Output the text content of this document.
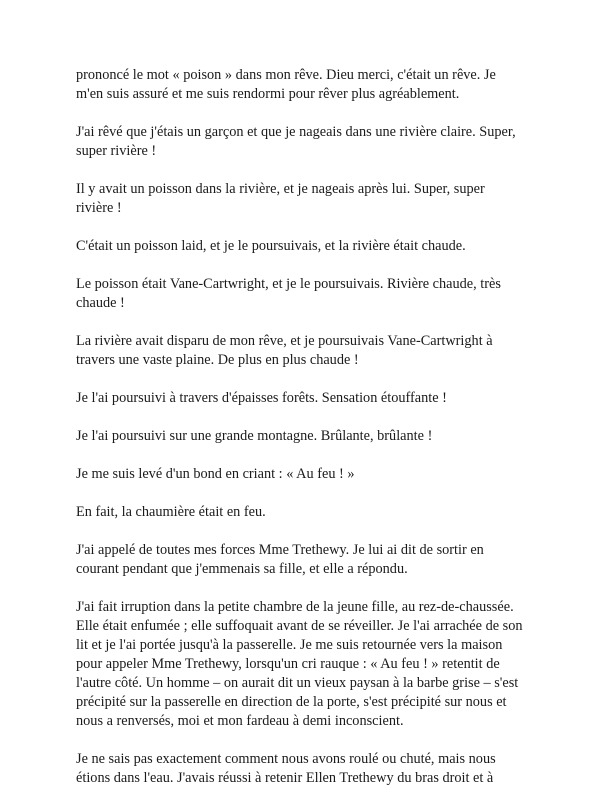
prononcé le mot « poison » dans mon rêve. Dieu merci, c'était un rêve. Je m'en suis assuré et me suis rendormi pour rêver plus agréablement.

J'ai rêvé que j'étais un garçon et que je nageais dans une rivière claire. Super, super rivière !

Il y avait un poisson dans la rivière, et je nageais après lui. Super, super rivière !

C'était un poisson laid, et je le poursuivais, et la rivière était chaude.

Le poisson était Vane-Cartwright, et je le poursuivais. Rivière chaude, très chaude !

La rivière avait disparu de mon rêve, et je poursuivais Vane-Cartwright à travers une vaste plaine. De plus en plus chaude !

Je l'ai poursuivi à travers d'épaisses forêts. Sensation étouffante !

Je l'ai poursuivi sur une grande montagne. Brûlante, brûlante !

Je me suis levé d'un bond en criant : « Au feu ! »

En fait, la chaumière était en feu.

J'ai appelé de toutes mes forces Mme Trethewy. Je lui ai dit de sortir en courant pendant que j'emmenais sa fille, et elle a répondu.

J'ai fait irruption dans la petite chambre de la jeune fille, au rez-de-chaussée. Elle était enfumée ; elle suffoquait avant de se réveiller. Je l'ai arrachée de son lit et je l'ai portée jusqu'à la passerelle. Je me suis retournée vers la maison pour appeler Mme Trethewy, lorsqu'un cri rauque : « Au feu ! » retentit de l'autre côté. Un homme – on aurait dit un vieux paysan à la barbe grise – s'est précipité sur la passerelle en direction de la porte, s'est précipité sur nous et nous a renversés, moi et mon fardeau à demi inconscient.

Je ne sais pas exactement comment nous avons roulé ou chuté, mais nous étions dans l'eau. J'avais réussi à retenir Ellen Trethewy du bras droit et à
